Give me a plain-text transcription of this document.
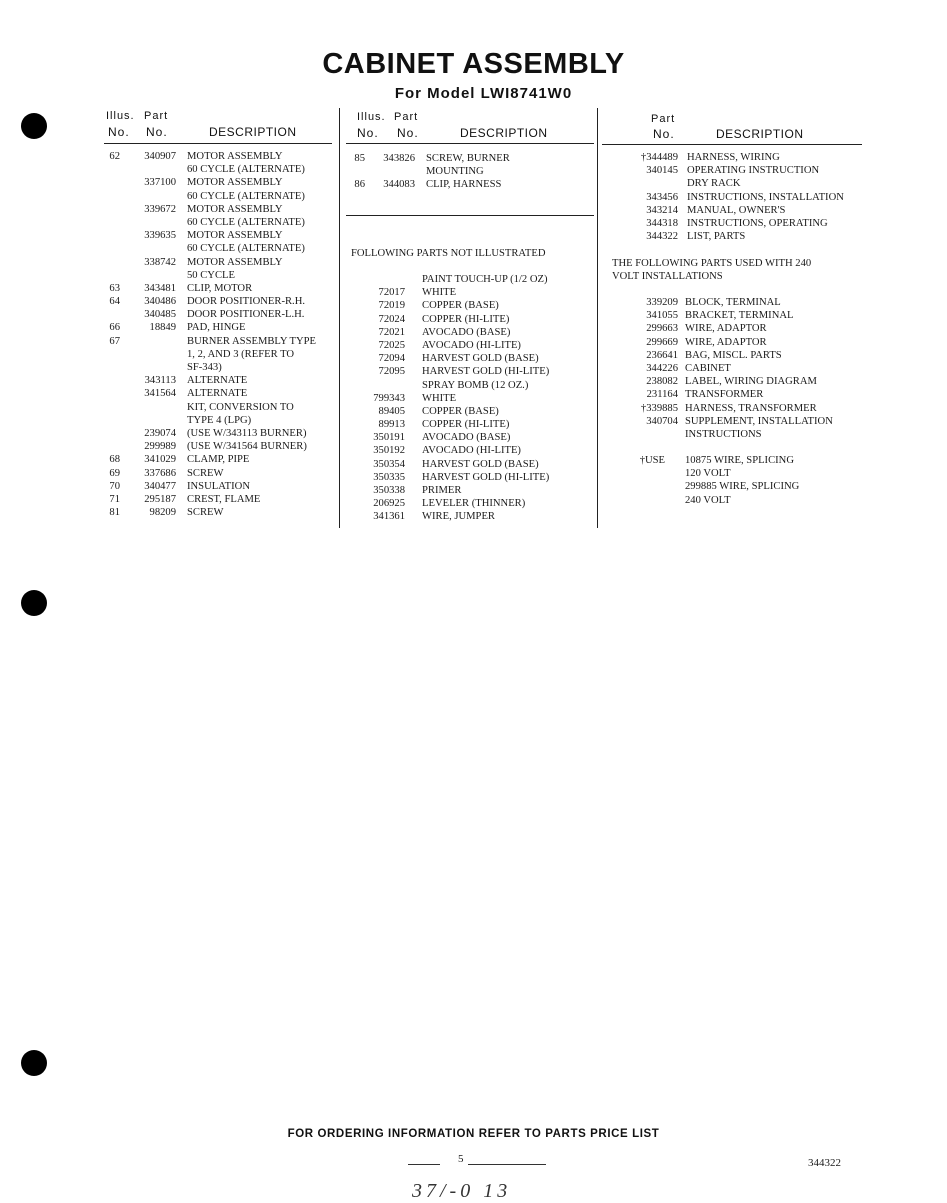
CABINET ASSEMBLY
For Model LWI8741W0
Illus. Part
No. No.	DESCRIPTION
Illus. Part
No. No.	DESCRIPTION
Part
No.	DESCRIPTION
62	340907 MOTOR ASSEMBLY
60 CYCLE (ALTERNATE)
337100 MOTOR ASSEMBLY
60 CYCLE (ALTERNATE)
339672 MOTOR ASSEMBLY
60 CYCLE (ALTERNATE)
339635 MOTOR ASSEMBLY
60 CYCLE (ALTERNATE)
338742 MOTOR ASSEMBLY
50 CYCLE
63	343481 CLIP, MOTOR
64	340486 DOOR POSITIONER-R.H.
340485 DOOR POSITIONER-L.H.
66	18849 PAD, HINGE
67	BURNER ASSEMBLY TYPE
1, 2, AND 3 (REFER TO
SF-343)
343113 ALTERNATE
341564 ALTERNATE
KIT, CONVERSION TO
TYPE 4 (LPG)
239074 (USE W/343113 BURNER)
299989 (USE W/341564 BURNER)
68	341029 CLAMP, PIPE
69	337686 SCREW
70	340477 INSULATION
71	295187 CREST, FLAME
81	98209 SCREW
85	343826 SCREW, BURNER
MOUNTING
86	344083 CLIP, HARNESS
FOLLOWING PARTS NOT ILLUSTRATED
PAINT TOUCH-UP (1/2 OZ)
72017 WHITE
72019 COPPER (BASE)
72024 COPPER (HI-LITE)
72021 AVOCADO (BASE)
72025 AVOCADO (HI-LITE)
72094 HARVEST GOLD (BASE)
72095 HARVEST GOLD (HI-LITE)
SPRAY BOMB (12 OZ.)
799343 WHITE
89405 COPPER (BASE)
89913 COPPER (HI-LITE)
350191 AVOCADO (BASE)
350192 AVOCADO (HI-LITE)
350354 HARVEST GOLD (BASE)
350335 HARVEST GOLD (HI-LITE)
350338 PRIMER
206925 LEVELER (THINNER)
341361 WIRE, JUMPER
†344489 HARNESS, WIRING
340145 OPERATING INSTRUCTION
DRY RACK
343456 INSTRUCTIONS, INSTALLATION
343214 MANUAL, OWNER'S
344318 INSTRUCTIONS, OPERATING
344322 LIST, PARTS
THE FOLLOWING PARTS USED WITH 240
VOLT INSTALLATIONS
339209 BLOCK, TERMINAL
341055 BRACKET, TERMINAL
299663 WIRE, ADAPTOR
299669 WIRE, ADAPTOR
236641 BAG, MISCL. PARTS
344226 CABINET
238082 LABEL, WIRING DIAGRAM
231164 TRANSFORMER
†339885 HARNESS, TRANSFORMER
340704 SUPPLEMENT, INSTALLATION
INSTRUCTIONS
†USE 10875 WIRE, SPLICING
120 VOLT
299885 WIRE, SPLICING
240 VOLT
FOR ORDERING INFORMATION REFER TO PARTS PRICE LIST
5	344322
37/-0 13
